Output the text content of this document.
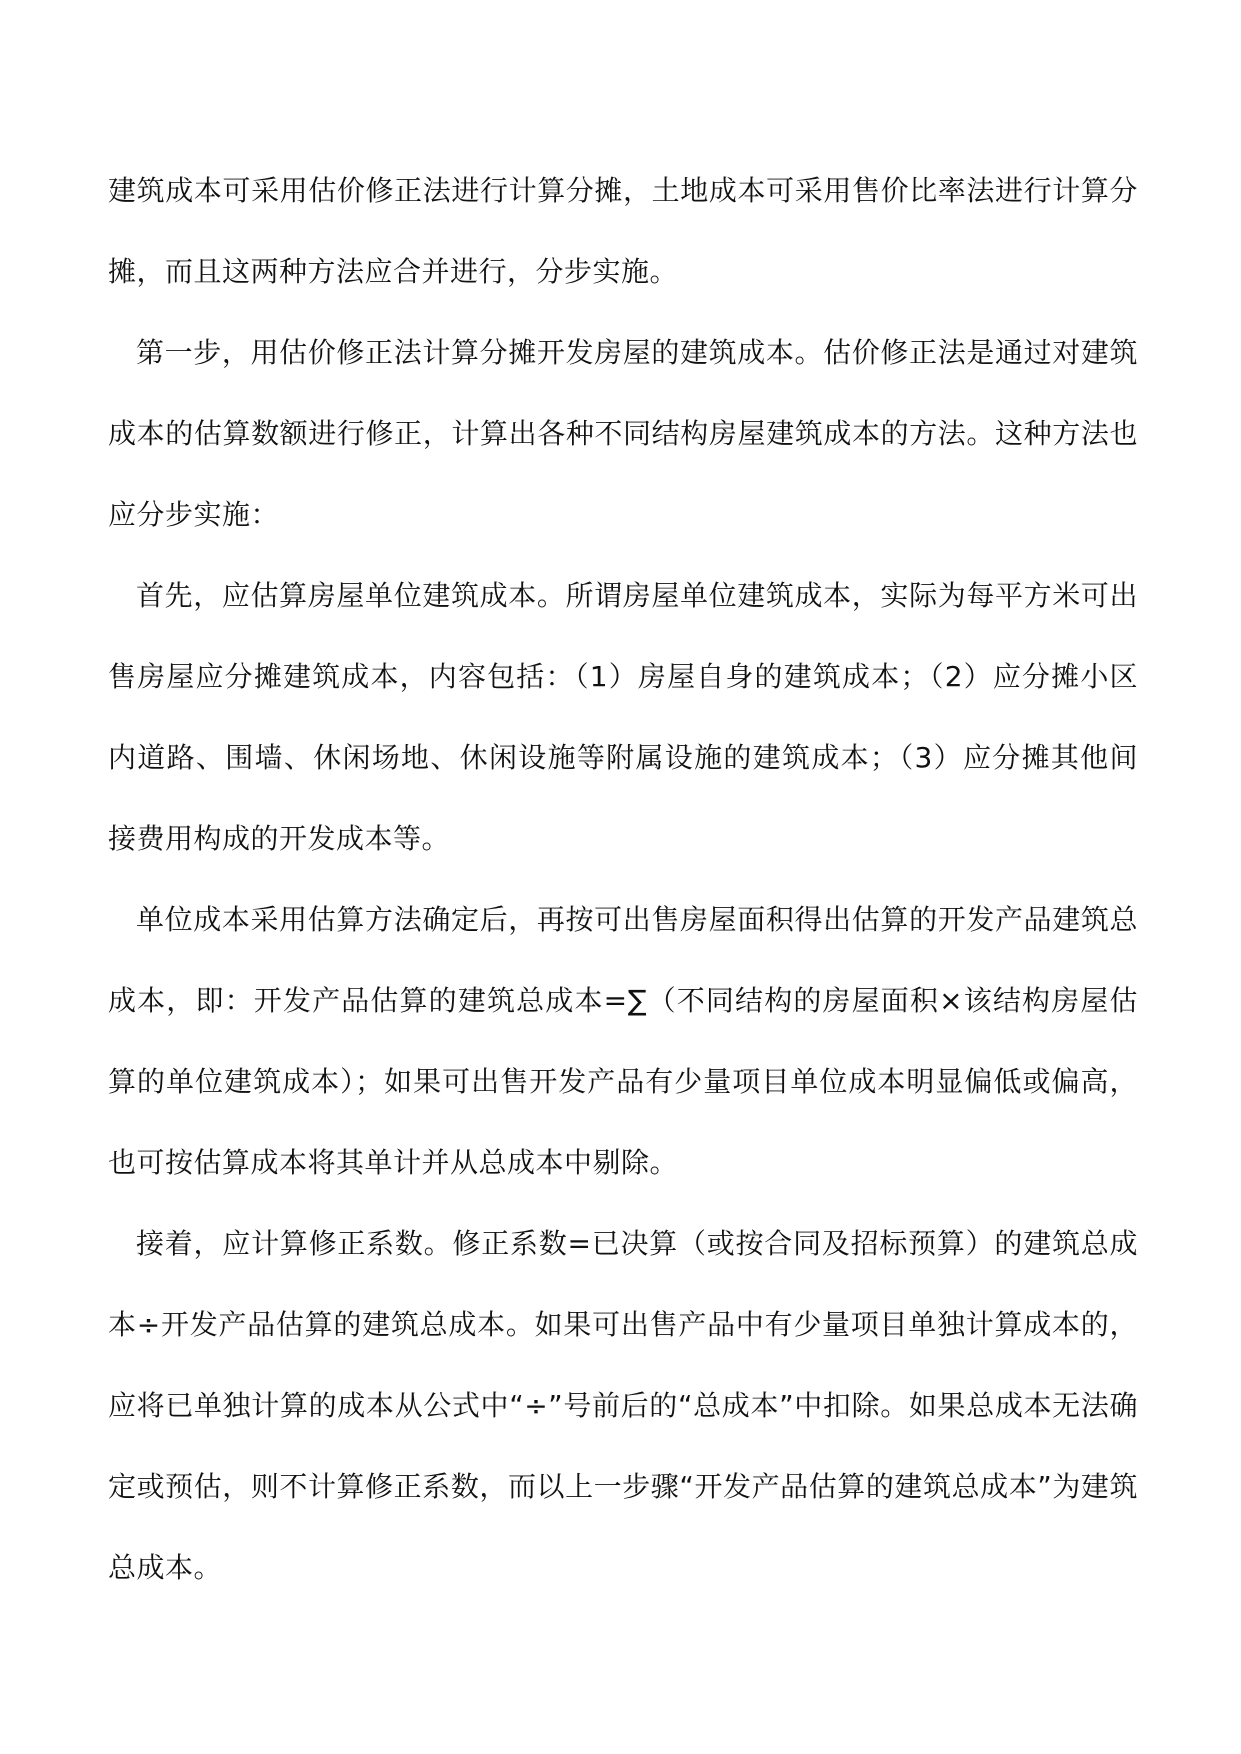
建筑成本可采用估价修正法进行计算分摊，土地成本可采用售价比率法进行计算分摊，而且这两种方法应合并进行，分步实施。

第一步，用估价修正法计算分摊开发房屋的建筑成本。估价修正法是通过对建筑成本的估算数额进行修正，计算出各种不同结构房屋建筑成本的方法。这种方法也应分步实施：

首先，应估算房屋单位建筑成本。所谓房屋单位建筑成本，实际为每平方米可出售房屋应分摊建筑成本，内容包括：（1）房屋自身的建筑成本；（2）应分摊小区内道路、围墙、休闲场地、休闲设施等附属设施的建筑成本；（3）应分摊其他间接费用构成的开发成本等。

单位成本采用估算方法确定后，再按可出售房屋面积得出估算的开发产品建筑总成本，即：开发产品估算的建筑总成本=∑（不同结构的房屋面积×该结构房屋估算的单位建筑成本）；如果可出售开发产品有少量项目单位成本明显偏低或偏高，也可按估算成本将其单计并从总成本中剔除。

接着，应计算修正系数。修正系数=已决算（或按合同及招标预算）的建筑总成本÷开发产品估算的建筑总成本。如果可出售产品中有少量项目单独计算成本的，应将已单独计算的成本从公式中“÷”号前后的“总成本”中扣除。如果总成本无法确定或预估，则不计算修正系数，而以上一步骤“开发产品估算的建筑总成本”为建筑总成本。
